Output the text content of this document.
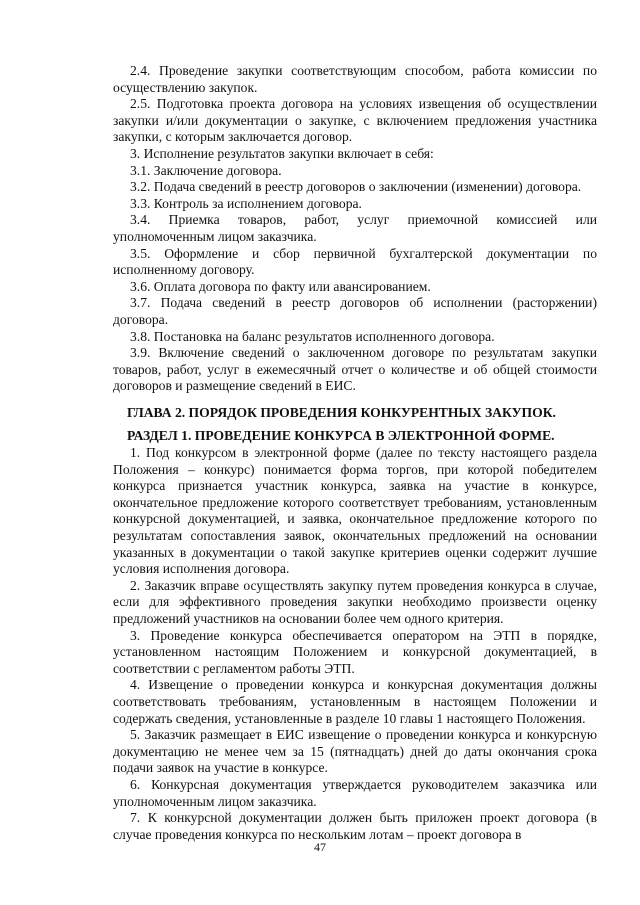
2.4. Проведение закупки соответствующим способом, работа комиссии по осуществлению закупок.

2.5. Подготовка проекта договора на условиях извещения об осуществлении закупки и/или документации о закупке, с включением предложения участника закупки, с которым заключается договор.

3. Исполнение результатов закупки включает в себя:

3.1. Заключение договора.

3.2. Подача сведений в реестр договоров о заключении (изменении) договора.

3.3. Контроль за исполнением договора.

3.4. Приемка товаров, работ, услуг приемочной комиссией или уполномоченным лицом заказчика.

3.5. Оформление и сбор первичной бухгалтерской документации по исполненному договору.

3.6. Оплата договора по факту или авансированием.

3.7. Подача сведений в реестр договоров об исполнении (расторжении) договора.

3.8. Постановка на баланс результатов исполненного договора.

3.9. Включение сведений о заключенном договоре по результатам закупки товаров, работ, услуг в ежемесячный отчет о количестве и об общей стоимости договоров и размещение сведений в ЕИС.

ГЛАВА 2. ПОРЯДОК ПРОВЕДЕНИЯ КОНКУРЕНТНЫХ ЗАКУПОК.
РАЗДЕЛ 1. ПРОВЕДЕНИЕ КОНКУРСА В ЭЛЕКТРОННОЙ ФОРМЕ.

1. Под конкурсом в электронной форме (далее по тексту настоящего раздела Положения – конкурс) понимается форма торгов, при которой победителем конкурса признается участник конкурса, заявка на участие в конкурсе, окончательное предложение которого соответствует требованиям, установленным конкурсной документацией, и заявка, окончательное предложение которого по результатам сопоставления заявок, окончательных предложений на основании указанных в документации о такой закупке критериев оценки содержит лучшие условия исполнения договора.

2. Заказчик вправе осуществлять закупку путем проведения конкурса в случае, если для эффективного проведения закупки необходимо произвести оценку предложений участников на основании более чем одного критерия.

3. Проведение конкурса обеспечивается оператором на ЭТП в порядке, установленном настоящим Положением и конкурсной документацией, в соответствии с регламентом работы ЭТП.

4. Извещение о проведении конкурса и конкурсная документация должны соответствовать требованиям, установленным в настоящем Положении и содержать сведения, установленные в разделе 10 главы 1 настоящего Положения.

5. Заказчик размещает в ЕИС извещение о проведении конкурса и конкурсную документацию не менее чем за 15 (пятнадцать) дней до даты окончания срока подачи заявок на участие в конкурсе.

6. Конкурсная документация утверждается руководителем заказчика или уполномоченным лицом заказчика.

7. К конкурсной документации должен быть приложен проект договора (в случае проведения конкурса по нескольким лотам – проект договора в

47
